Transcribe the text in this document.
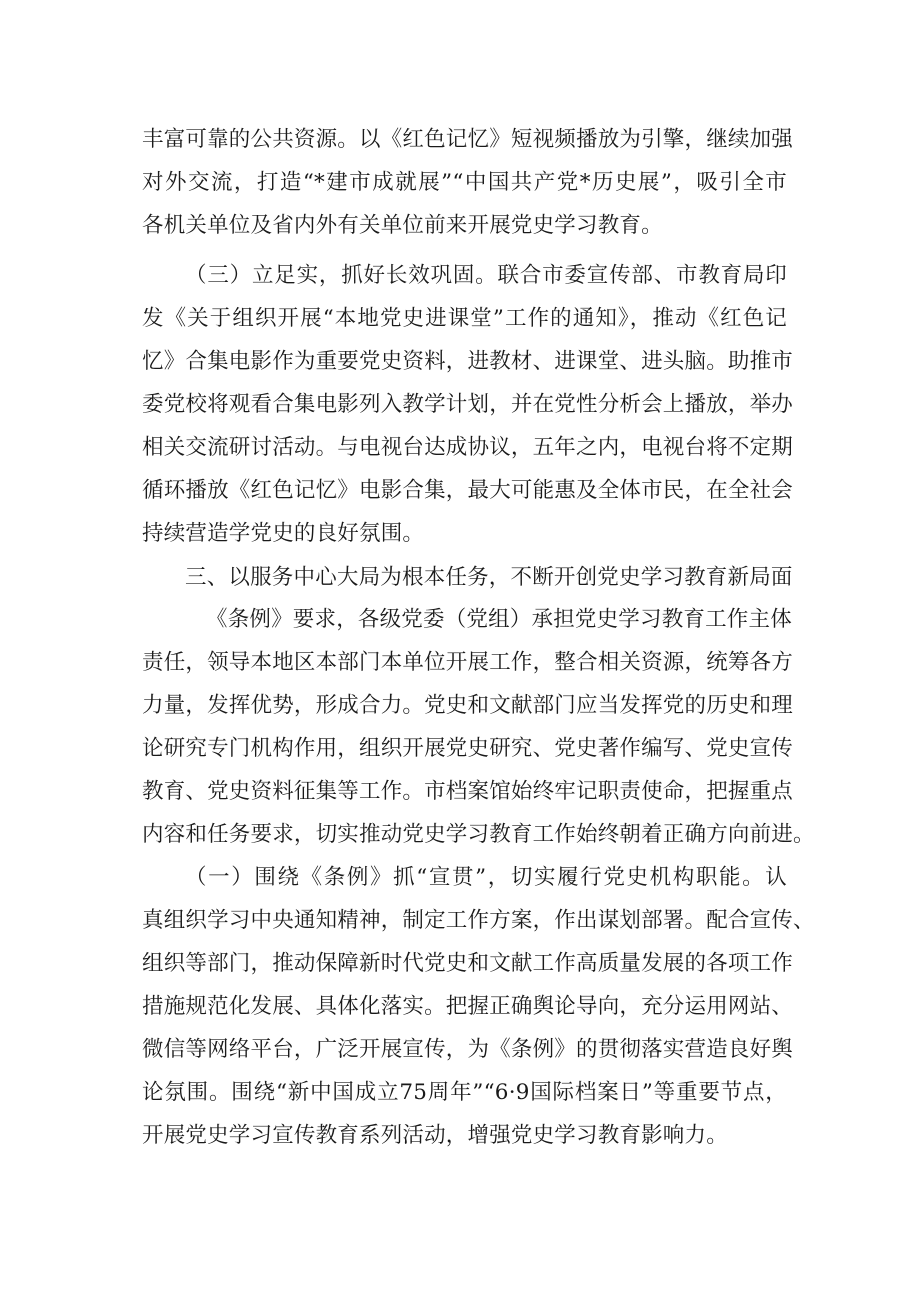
丰富可靠的公共资源。以《红色记忆》短视频播放为引擎，继续加强
对外交流，打造“*建市成就展”“中国共产党*历史展”，吸引全市
各机关单位及省内外有关单位前来开展党史学习教育。
（三）立足实，抓好长效巩固。联合市委宣传部、市教育局印
发《关于组织开展“本地党史进课堂”工作的通知》，推动《红色记
忆》合集电影作为重要党史资料，进教材、进课堂、进头脑。助推市
委党校将观看合集电影列入教学计划，并在党性分析会上播放，举办
相关交流研讨活动。与电视台达成协议，五年之内，电视台将不定期
循环播放《红色记忆》电影合集，最大可能惠及全体市民，在全社会
持续营造学党史的良好氛围。
三、以服务中心大局为根本任务，不断开创党史学习教育新局面
《条例》要求，各级党委（党组）承担党史学习教育工作主体
责任，领导本地区本部门本单位开展工作，整合相关资源，统筹各方
力量，发挥优势，形成合力。党史和文献部门应当发挥党的历史和理
论研究专门机构作用，组织开展党史研究、党史著作编写、党史宣传
教育、党史资料征集等工作。市档案馆始终牢记职责使命，把握重点
内容和任务要求，切实推动党史学习教育工作始终朝着正确方向前进。
（一）围绕《条例》抓“宣贯”，切实履行党史机构职能。认
真组织学习中央通知精神，制定工作方案，作出谋划部署。配合宣传、
组织等部门，推动保障新时代党史和文献工作高质量发展的各项工作
措施规范化发展、具体化落实。把握正确舆论导向，充分运用网站、
微信等网络平台，广泛开展宣传，为《条例》的贯彻落实营造良好舆
论氛围。围绕“新中国成立75周年”“6·9国际档案日”等重要节点，
开展党史学习宣传教育系列活动，增强党史学习教育影响力。
